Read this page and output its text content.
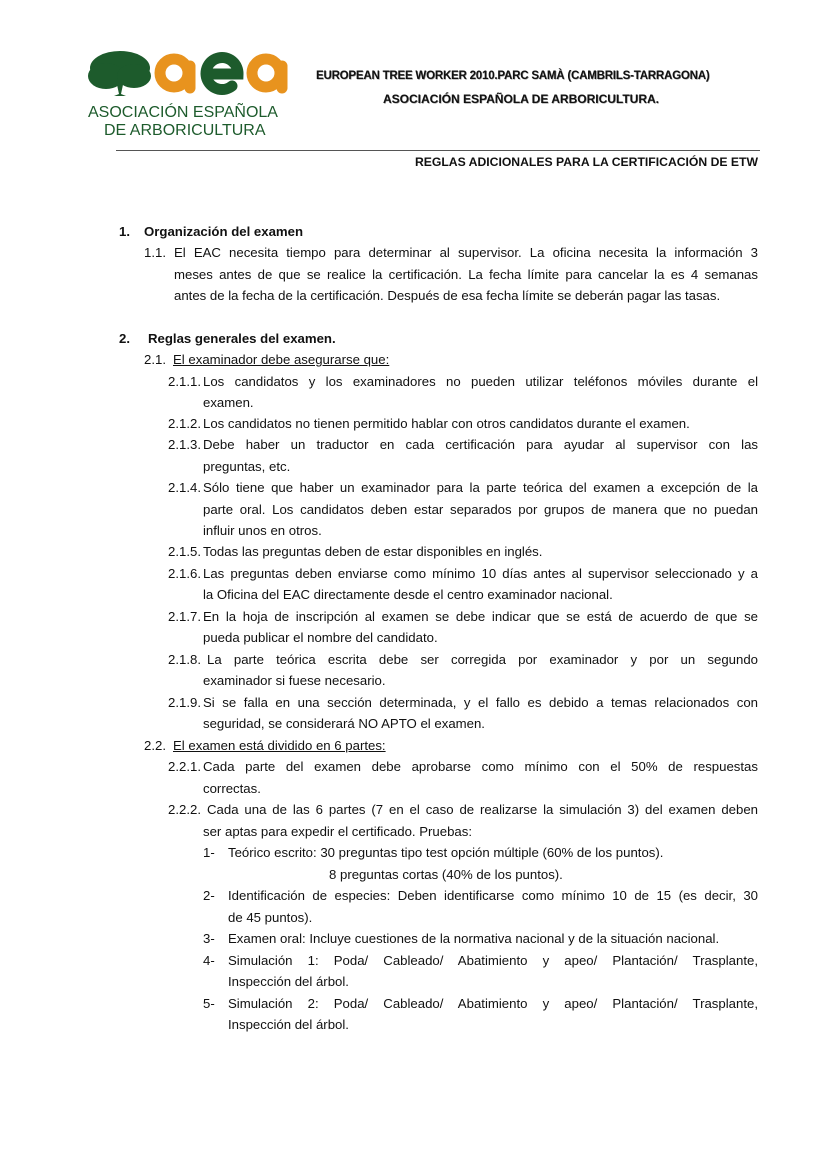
ASOCIACIÓN ESPAÑOLA
DE ARBORICULTURA
EUROPEAN TREE WORKER 2010.PARC SAMÀ (CAMBRILS-TARRAGONA)
ASOCIACIÓN ESPAÑOLA DE ARBORICULTURA.
REGLAS ADICIONALES PARA LA CERTIFICACIÓN DE ETW
1. Organización del examen
1.1. El EAC necesita tiempo para determinar al supervisor. La oficina necesita la información 3
meses antes de que se realice la certificación. La fecha límite para cancelar la es 4 semanas
antes de la fecha de la certificación. Después de esa fecha límite se deberán pagar las tasas.
2. Reglas generales del examen.
2.1. El examinador debe asegurarse que:
2.1.1. Los candidatos y los examinadores no pueden utilizar teléfonos móviles durante el
examen.
2.1.2. Los candidatos no tienen permitido hablar con otros candidatos durante el examen.
2.1.3. Debe haber un traductor en cada certificación para ayudar al supervisor con las
preguntas, etc.
2.1.4. Sólo tiene que haber un examinador para la parte teórica del examen a excepción de la
parte oral. Los candidatos deben estar separados por grupos de manera que no puedan
influir unos en otros.
2.1.5. Todas las preguntas deben de estar disponibles en inglés.
2.1.6. Las preguntas deben enviarse como mínimo 10 días antes al supervisor seleccionado y a
la Oficina del EAC directamente desde el centro examinador nacional.
2.1.7. En la hoja de inscripción al examen se debe indicar que se está de acuerdo de que se
pueda publicar el nombre del candidato.
2.1.8. La parte teórica escrita debe ser corregida por examinador y por un segundo
examinador si fuese necesario.
2.1.9. Si se falla en una sección determinada, y el fallo es debido a temas relacionados con
seguridad, se considerará NO APTO el examen.
2.2. El examen está dividido en 6 partes:
2.2.1. Cada parte del examen debe aprobarse como mínimo con el 50% de respuestas
correctas.
2.2.2. Cada una de las 6 partes (7 en el caso de realizarse la simulación 3) del examen deben
ser aptas para expedir el certificado. Pruebas:
1- Teórico escrito: 30 preguntas tipo test opción múltiple (60% de los puntos).
8 preguntas cortas (40% de los puntos).
2- Identificación de especies: Deben identificarse como mínimo 10 de 15 (es decir, 30
de 45 puntos).
3- Examen oral: Incluye cuestiones de la normativa nacional y de la situación nacional.
4- Simulación 1: Poda/ Cableado/ Abatimiento y apeo/ Plantación/ Trasplante,
Inspección del árbol.
5- Simulación 2: Poda/ Cableado/ Abatimiento y apeo/ Plantación/ Trasplante,
Inspección del árbol.
